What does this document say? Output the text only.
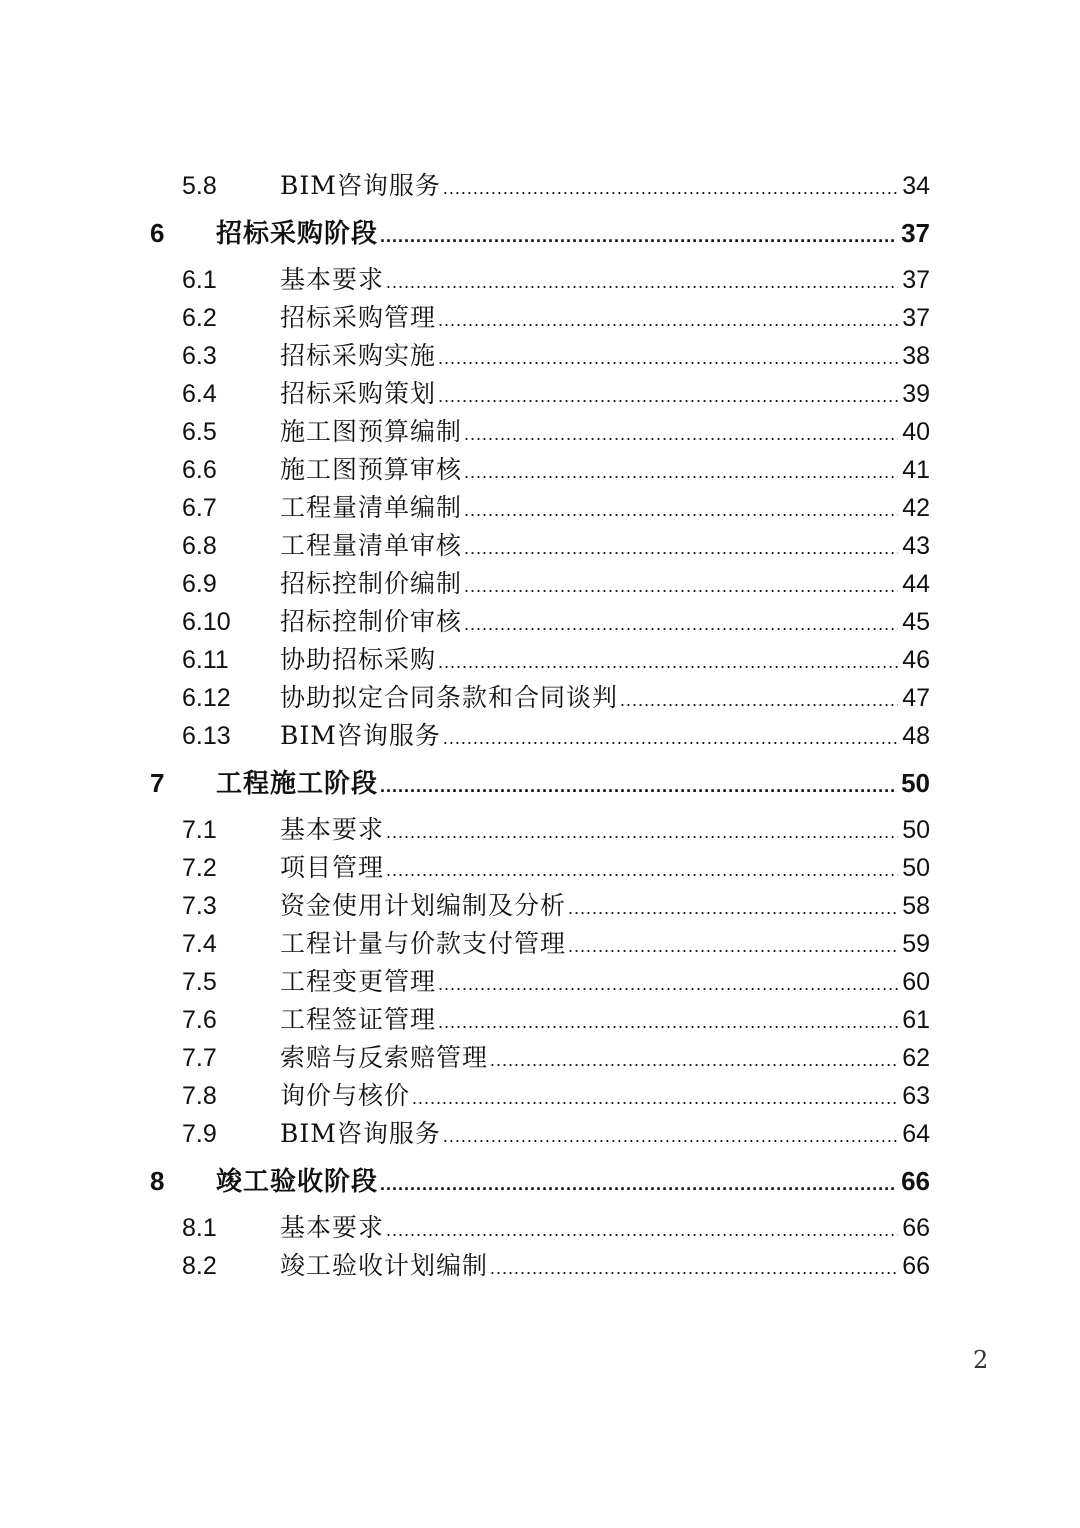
5.8	BIM咨询服务 .....	34
6	招标采购阶段 .....	37
6.1	基本要求 .....	37
6.2	招标采购管理 .....	37
6.3	招标采购实施 .....	38
6.4	招标采购策划 .....	39
6.5	施工图预算编制 .....	40
6.6	施工图预算审核 .....	41
6.7	工程量清单编制 .....	42
6.8	工程量清单审核 .....	43
6.9	招标控制价编制 .....	44
6.10	招标控制价审核 .....	45
6.11	协助招标采购 .....	46
6.12	协助拟定合同条款和合同谈判 .....	47
6.13	BIM咨询服务 .....	48
7	工程施工阶段 .....	50
7.1	基本要求 .....	50
7.2	项目管理 .....	50
7.3	资金使用计划编制及分析 .....	58
7.4	工程计量与价款支付管理 .....	59
7.5	工程变更管理 .....	60
7.6	工程签证管理 .....	61
7.7	索赔与反索赔管理 .....	62
7.8	询价与核价 .....	63
7.9	BIM咨询服务 .....	64
8	竣工验收阶段 .....	66
8.1	基本要求 .....	66
8.2	竣工验收计划编制 .....	66
2
